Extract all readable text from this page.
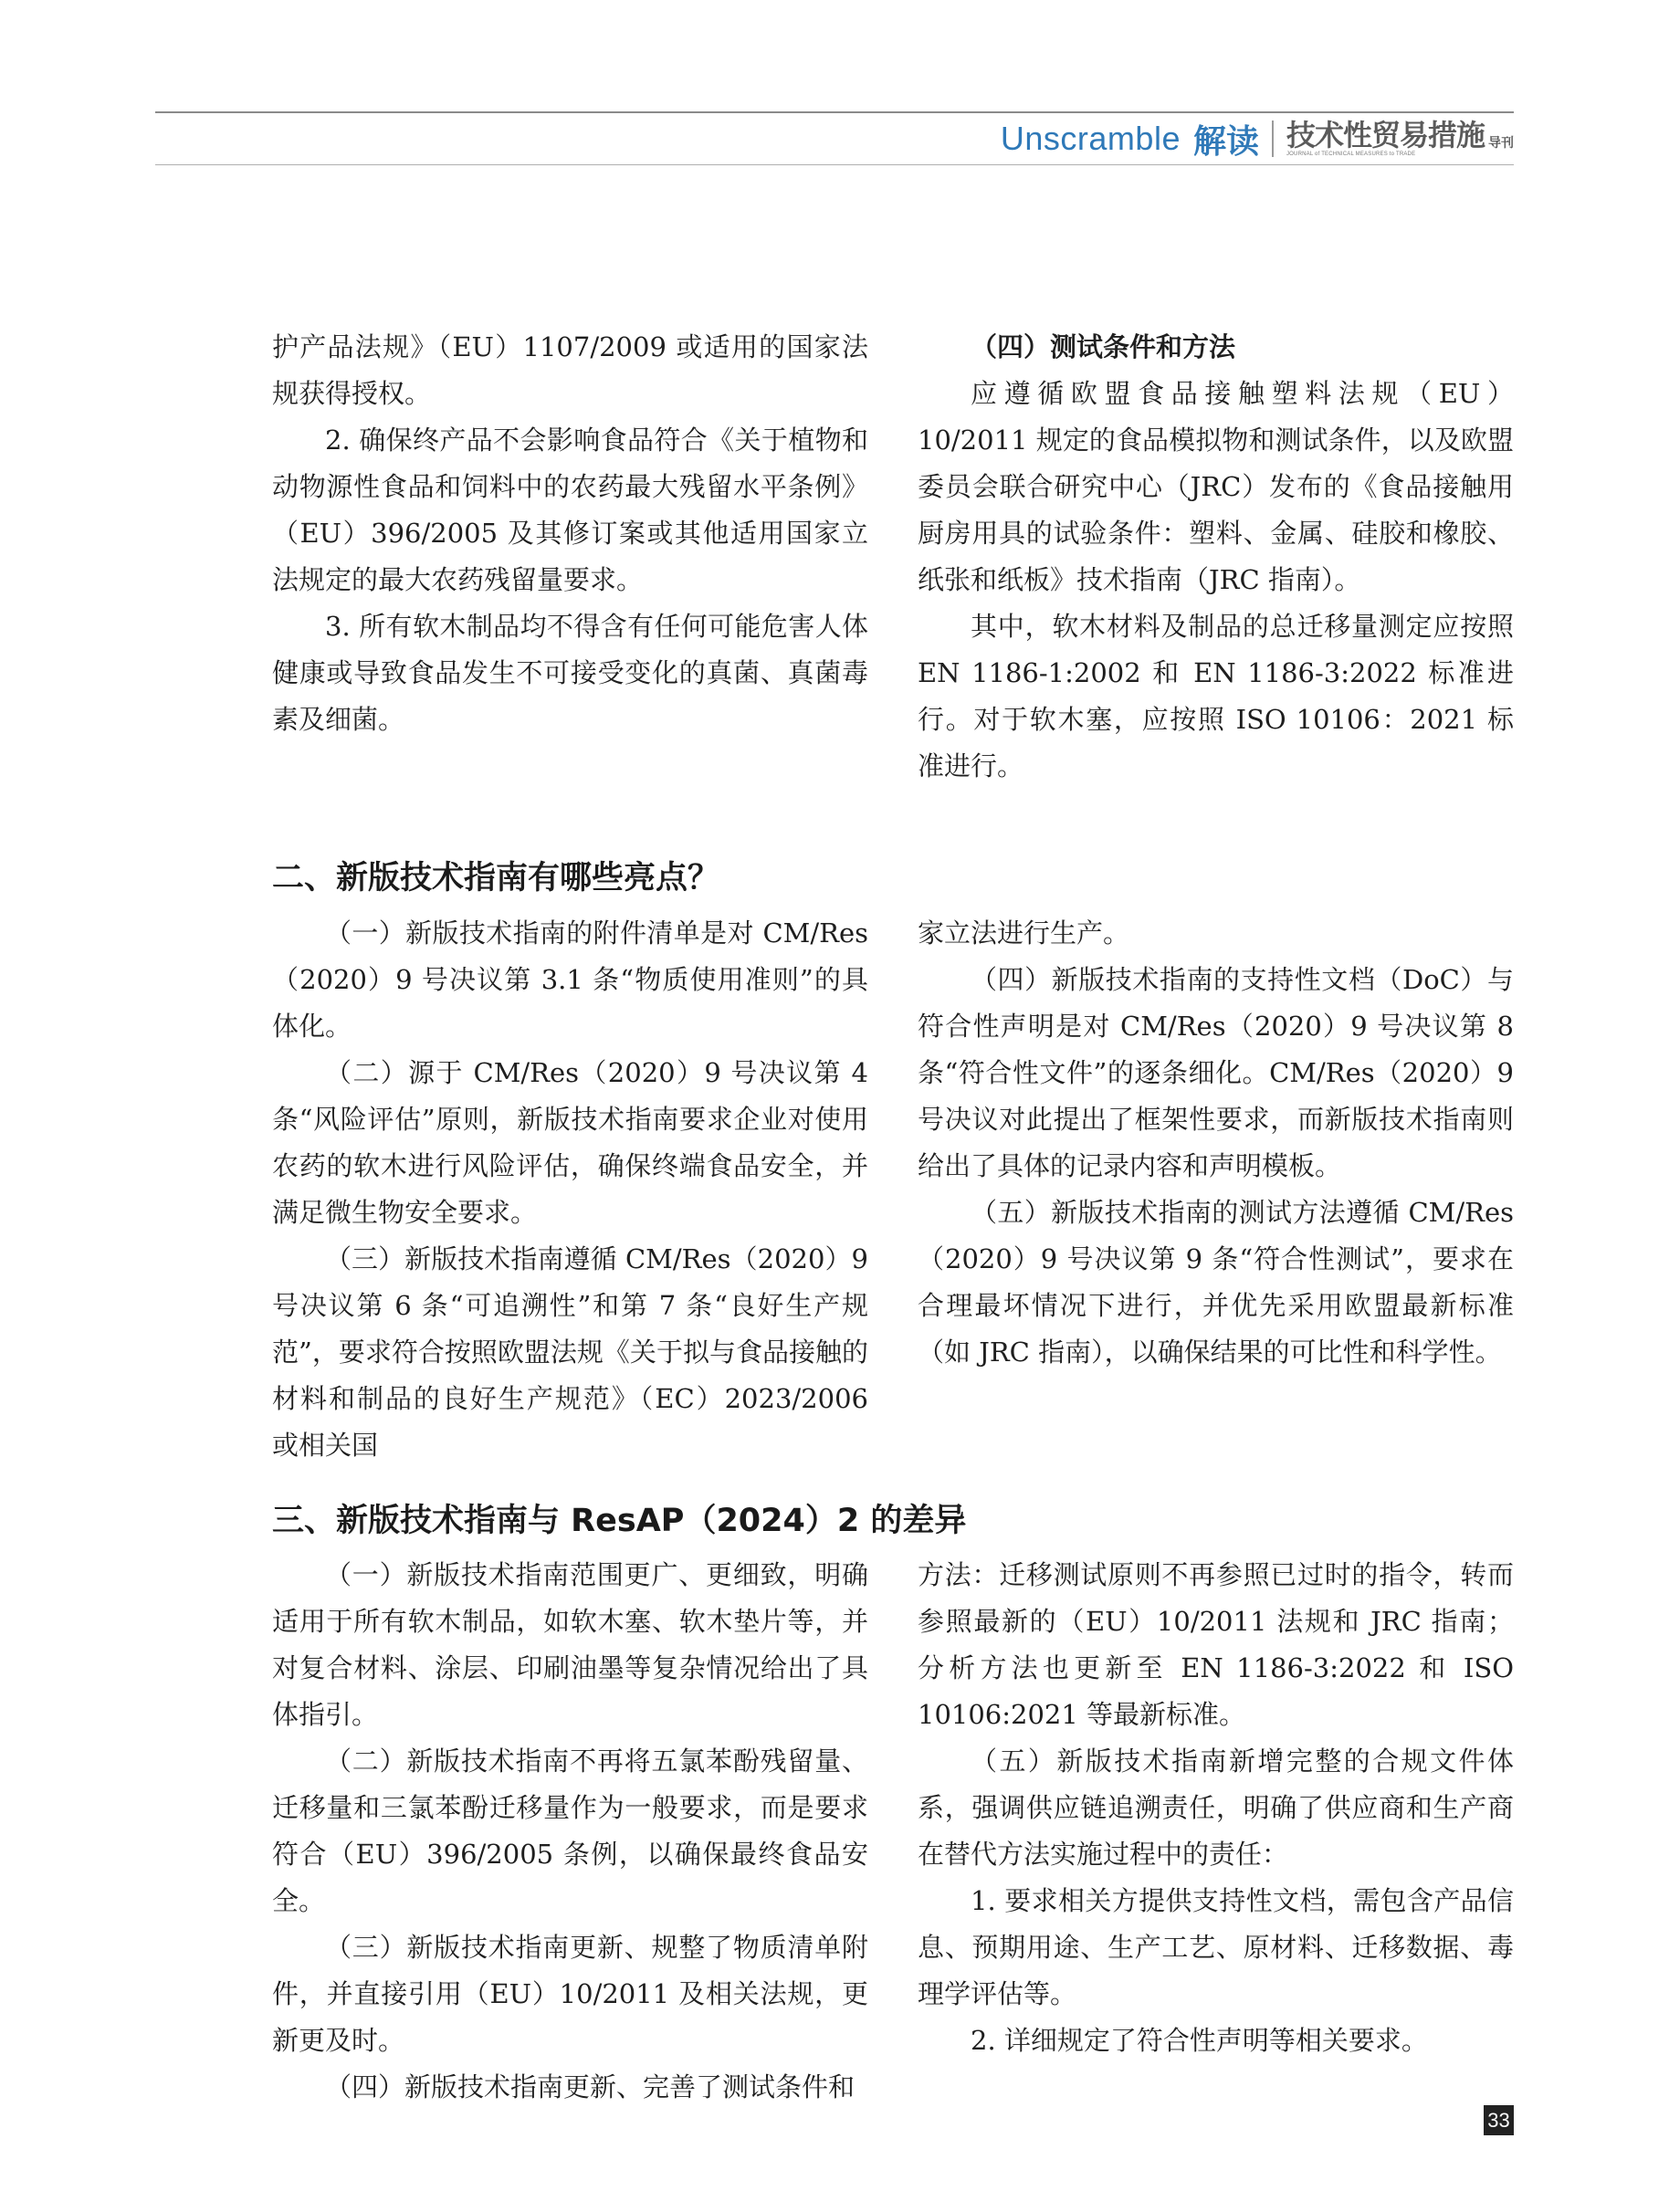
Unscramble 解读 技术性贸易措施 导刊
JOURNAL of TECHNICAL MEASURES to TRADE

护产品法规》（EU）1107/2009 或适用的国家法规获得授权。

2. 确保终产品不会影响食品符合《关于植物和动物源性食品和饲料中的农药最大残留水平条例》（EU）396/2005 及其修订案或其他适用国家立法规定的最大农药残留量要求。

3. 所有软木制品均不得含有任何可能危害人体健康或导致食品发生不可接受变化的真菌、真菌毒素及细菌。

（四）测试条件和方法

应遵循欧盟食品接触塑料法规（EU）10/2011 规定的食品模拟物和测试条件，以及欧盟委员会联合研究中心（JRC）发布的《食品接触用厨房用具的试验条件：塑料、金属、硅胶和橡胶、纸张和纸板》技术指南（JRC 指南）。

其中，软木材料及制品的总迁移量测定应按照 EN 1186-1:2002 和 EN 1186-3:2022 标准进行。对于软木塞，应按照 ISO 10106：2021 标准进行。

二、新版技术指南有哪些亮点？

（一）新版技术指南的附件清单是对 CM/Res（2020）9 号决议第 3.1 条“物质使用准则”的具体化。

（二）源于 CM/Res（2020）9 号决议第 4 条“风险评估”原则，新版技术指南要求企业对使用农药的软木进行风险评估，确保终端食品安全，并满足微生物安全要求。

（三）新版技术指南遵循 CM/Res（2020）9 号决议第 6 条“可追溯性”和第 7 条“良好生产规范”，要求符合按照欧盟法规《关于拟与食品接触的材料和制品的良好生产规范》（EC）2023/2006 或相关国

家立法进行生产。

（四）新版技术指南的支持性文档（DoC）与符合性声明是对 CM/Res（2020）9 号决议第 8 条“符合性文件”的逐条细化。CM/Res（2020）9 号决议对此提出了框架性要求，而新版技术指南则给出了具体的记录内容和声明模板。

（五）新版技术指南的测试方法遵循 CM/Res（2020）9 号决议第 9 条“符合性测试”，要求在合理最坏情况下进行，并优先采用欧盟最新标准（如 JRC 指南），以确保结果的可比性和科学性。

三、新版技术指南与 ResAP（2024）2 的差异

（一）新版技术指南范围更广、更细致，明确适用于所有软木制品，如软木塞、软木垫片等，并对复合材料、涂层、印刷油墨等复杂情况给出了具体指引。

（二）新版技术指南不再将五氯苯酚残留量、迁移量和三氯苯酚迁移量作为一般要求，而是要求符合（EU）396/2005 条例，以确保最终食品安全。

（三）新版技术指南更新、规整了物质清单附件，并直接引用（EU）10/2011 及相关法规，更新更及时。

（四）新版技术指南更新、完善了测试条件和

方法：迁移测试原则不再参照已过时的指令，转而参照最新的（EU）10/2011 法规和 JRC 指南；分析方法也更新至 EN 1186-3:2022 和 ISO 10106:2021 等最新标准。

（五）新版技术指南新增完整的合规文件体系，强调供应链追溯责任，明确了供应商和生产商在替代方法实施过程中的责任：

1. 要求相关方提供支持性文档，需包含产品信息、预期用途、生产工艺、原材料、迁移数据、毒理学评估等。

2. 详细规定了符合性声明等相关要求。

33
